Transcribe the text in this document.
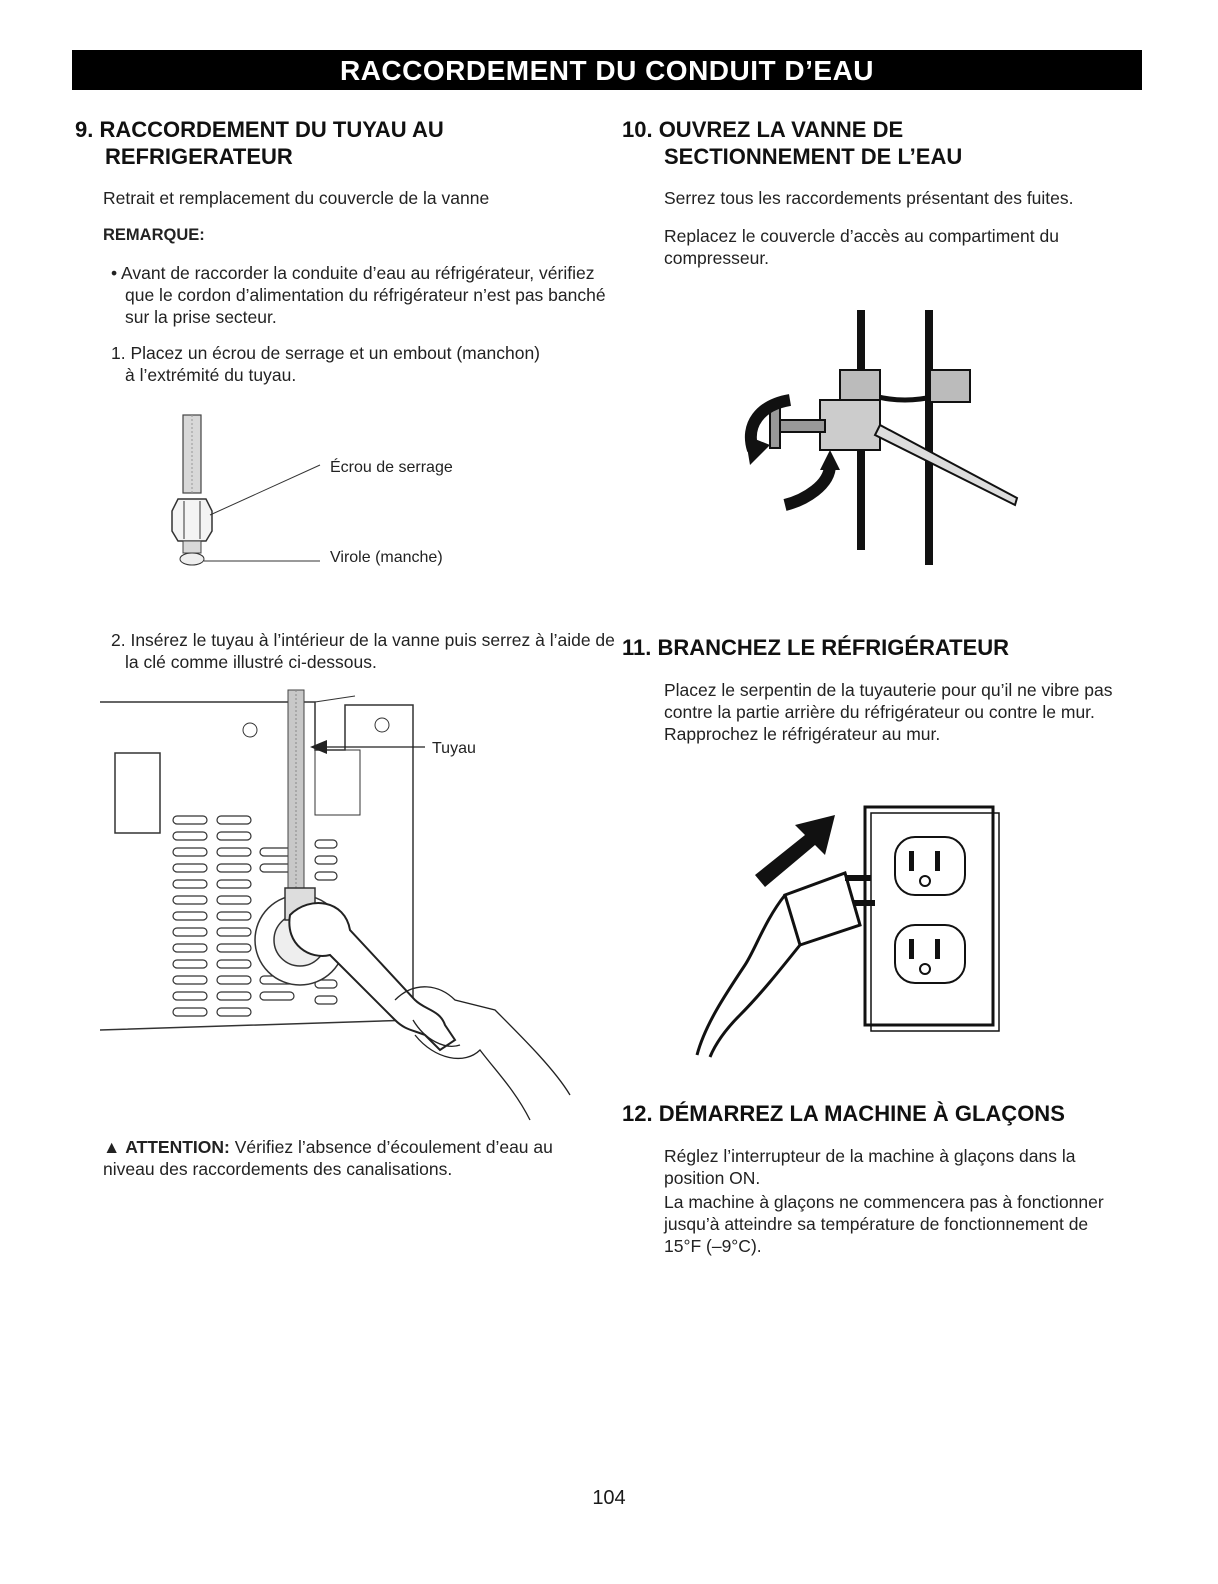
RACCORDEMENT DU CONDUIT D’EAU
9. RACCORDEMENT DU TUYAU AU
REFRIGERATEUR
Retrait et remplacement du couvercle de la vanne
REMARQUE:
• Avant de raccorder la conduite d’eau au réfrigérateur, vérifiez que le cordon d’alimentation du réfrigérateur n’est pas banché sur la prise secteur.
1. Placez un écrou de serrage et un embout (manchon) à l’extrémité du tuyau.
Écrou de serrage
Virole (manche)
2. Insérez le tuyau à l’intérieur de la vanne puis serrez à l’aide de la clé comme illustré ci-dessous.
Tuyau
▲ ATTENTION: Vérifiez l’absence d’écoulement d’eau au niveau des raccordements des canalisations.
10. OUVREZ LA VANNE DE
SECTIONNEMENT DE L’EAU
Serrez tous les raccordements présentant des fuites.
Replacez le couvercle d’accès au compartiment du compresseur.
11. BRANCHEZ LE RÉFRIGÉRATEUR
Placez le serpentin de la tuyauterie pour qu’il ne vibre pas contre la partie arrière du réfrigérateur ou contre le mur. Rapprochez le réfrigérateur au mur.
12. DÉMARREZ LA MACHINE À GLAÇONS
Réglez l’interrupteur de la machine à glaçons dans la position ON.
La machine à glaçons ne commencera pas à fonctionner jusqu’à atteindre sa température de fonctionnement de 15°F (–9°C).
104
